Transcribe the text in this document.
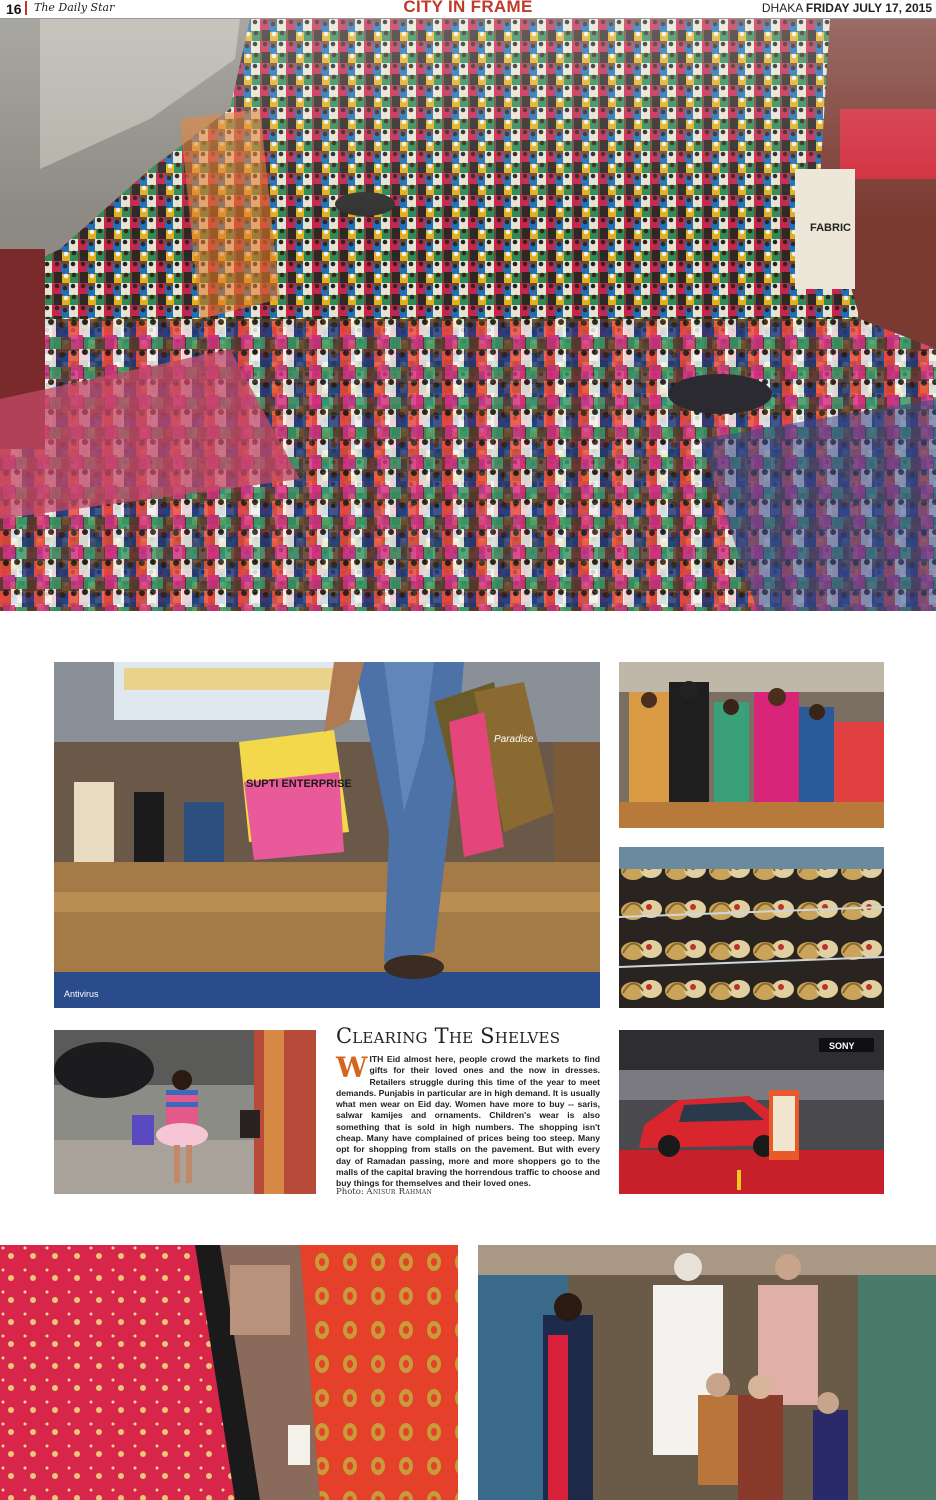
16 The Daily Star	CITY IN FRAME	DHAKA FRIDAY JULY 17, 2015
FABRIC
Antivirus
SUPTI ENTERPRISE
Paradise
SONY
Clearing The Shelves

WITH Eid almost here, people crowd the markets to find gifts for their loved ones and the now in dresses. Retailers struggle during this time of the year to meet demands. Punjabis in particular are in high demand. It is usually what men wear on Eid day. Women have more to buy -- saris, salwar kamijes and ornaments. Children's wear is also something that is sold in high numbers. The shopping isn't cheap. Many have complained of prices being too steep. Many opt for shopping from stalls on the pavement. But with every day of Ramadan passing, more and more shoppers go to the malls of the capital braving the horrendous traffic to choose and buy things for themselves and their loved ones.

Photo: Anisur Rahman
